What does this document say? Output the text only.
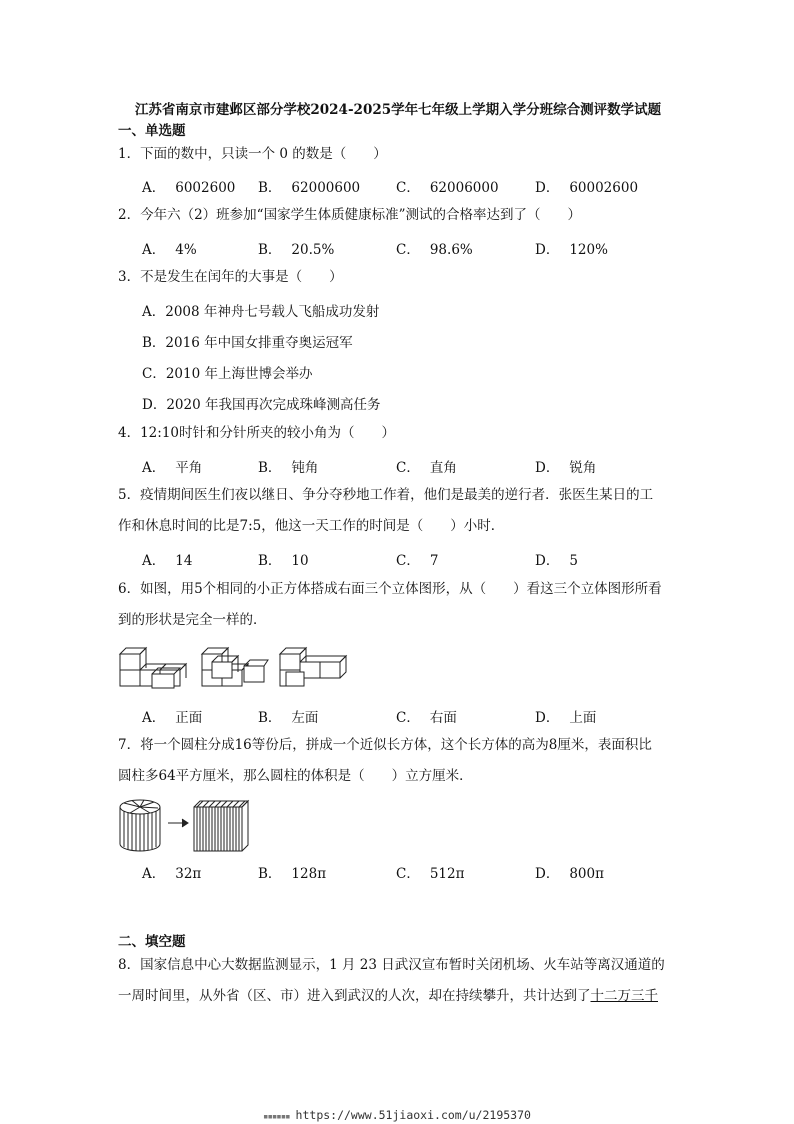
江苏省南京市建邺区部分学校2024-2025学年七年级上学期入学分班综合测评数学试题
一、单选题
1．下面的数中，只读一个 0 的数是（　　）
A． 6002600 B． 62000600	C． 62006000	D． 60002600
2．今年六（2）班参加“国家学生体质健康标准”测试的合格率达到了（　　）
A． 4%	B． 20.5%	C． 98.6%	D． 120%
3．不是发生在闰年的大事是（　　）
A．2008 年神舟七号载人飞船成功发射
B．2016 年中国女排重夺奥运冠军
C．2010 年上海世博会举办
D．2020 年我国再次完成珠峰测高任务
4．12:10时针和分针所夹的较小角为（　　）
A． 平角	B． 钝角	C． 直角	D． 锐角
5．疫情期间医生们夜以继日、争分夺秒地工作着，他们是最美的逆行者．张医生某日的工
作和休息时间的比是7:5，他这一天工作的时间是（　　）小时．
A． 14	B． 10	C． 7	D． 5
6．如图，用5个相同的小正方体搭成右面三个立体图形，从（　　）看这三个立体图形所看
到的形状是完全一样的．
A． 正面	B． 左面	C． 右面	D． 上面
7．将一个圆柱分成16等份后，拼成一个近似长方体，这个长方体的高为8厘米，表面积比
圆柱多64平方厘米，那么圆柱的体积是（　　）立方厘米．
A． 32π	B． 128π	C． 512π	D． 800π
二、填空题
8．国家信息中心大数据监测显示，1 月 23 日武汉宣布暂时关闭机场、火车站等离汉通道的
一周时间里，从外省（区、市）进入到武汉的人次，却在持续攀升，共计达到了十二万三千
▪▪▪▪▪▪ https://www.51jiaoxi.com/u/2195370
